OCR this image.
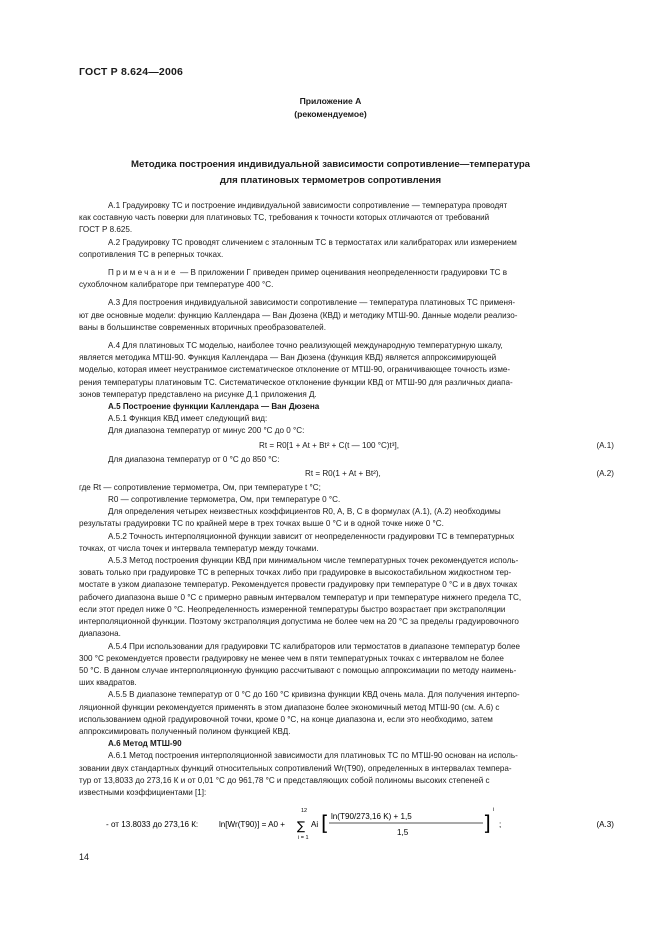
ГОСТ Р 8.624—2006
Приложение А
(рекомендуемое)
Методика построения индивидуальной зависимости сопротивление—температура
для платиновых термометров сопротивления

А.1 Градуировку ТС и построение индивидуальной зависимости сопротивление — температура проводят

как составную часть поверки для платиновых ТС, требования к точности которых отличаются от требований

ГОСТ Р 8.625.

А.2 Градуировку ТС проводят сличением с эталонным ТС в термостатах или калибраторах или измерением

сопротивления ТС в реперных точках.

Примечание — В приложении Г приведен пример оценивания неопределенности градуировки ТС в

сухоблочном калибраторе при температуре 400 °С.

А.3 Для построения индивидуальной зависимости сопротивление — температура платиновых ТС применя-

ют две основные модели: функцию Каллендара — Ван Дюзена (КВД) и методику МТШ-90. Данные модели реализо-

ваны в большинстве современных вторичных преобразователей.

А.4 Для платиновых ТС моделью, наиболее точно реализующей международную температурную шкалу,

является методика МТШ-90. Функция Каллендара — Ван Дюзена (функция КВД) является аппроксимирующей

моделью, которая имеет неустранимое систематическое отклонение от МТШ-90, ограничивающее точность изме-

рения температуры платиновым ТС. Систематическое отклонение функции КВД от МТШ-90 для различных диапа-

зонов температур представлено на рисунке Д.1 приложения Д.

А.5 Построение функции Каллендара — Ван Дюзена

А.5.1 Функция КВД имеет следующий вид:

Для диапазона температур от минус 200 °С до 0 °С:

Rt = R0[1 + At + Bt² + C(t — 100 °C)t³],	(А.1)

Для диапазона температур от 0 °С до 850 °С:

Rt = R0(1 + At + Bt²),	(А.2)

где Rt — сопротивление термометра, Ом, при температуре t °С;

R0 — сопротивление термометра, Ом, при температуре 0 °С.

Для определения четырех неизвестных коэффициентов R0, A, B, C в формулах (А.1), (А.2) необходимы

результаты градуировки ТС по крайней мере в трех точках выше 0 °С и в одной точке ниже 0 °С.

А.5.2 Точность интерполяционной функции зависит от неопределенности градуировки ТС в температурных

точках, от числа точек и интервала температур между точками.

А.5.3 Метод построения функции КВД при минимальном числе температурных точек рекомендуется исполь-

зовать только при градуировке ТС в реперных точках либо при градуировке в высокостабильном жидкостном тер-

мостате в узком диапазоне температур. Рекомендуется провести градуировку при температуре 0 °С и в двух точках

рабочего диапазона выше 0 °С с примерно равным интервалом температур и при температуре нижнего предела ТС,

если этот предел ниже 0 °С. Неопределенность измеренной температуры быстро возрастает при экстраполяции

интерполяционной функции. Поэтому экстраполяция допустима не более чем на 20 °С за пределы градуировочного

диапазона.

А.5.4 При использовании для градуировки ТС калибраторов или термостатов в диапазоне температур более

300 °С рекомендуется провести градуировку не менее чем в пяти температурных точках с интервалом не более

50 °С. В данном случае интерполяционную функцию рассчитывают с помощью аппроксимации по методу наимень-

ших квадратов.

А.5.5 В диапазоне температур от 0 °С до 160 °С кривизна функции КВД очень мала. Для получения интерпо-

ляционной функции рекомендуется применять в этом диапазоне более экономичный метод МТШ-90 (см. А.6) с

использованием одной градуировочной точки, кроме 0 °С, на конце диапазона и, если это необходимо, затем

аппроксимировать полученный полином функцией КВД.

А.6 Метод МТШ-90

А.6.1 Метод построения интерполяционной зависимости для платиновых ТС по МТШ-90 основан на исполь-

зовании двух стандартных функций относительных сопротивлений Wr(T90), определенных в интервалах темпера-

тур от 13,8033 до 273,16 К и от 0,01 °С до 961,78 °С и представляющих собой полиномы высоких степеней с

известными коэффициентами [1]:

- от 13.8033 до 273,16 К:	ln[Wr(T90)] = A0 +
12
∑
i = 1
Ai [ ln(T90/273,16 K) + 1,5
1,5	]
i
;	(А.3)
14
